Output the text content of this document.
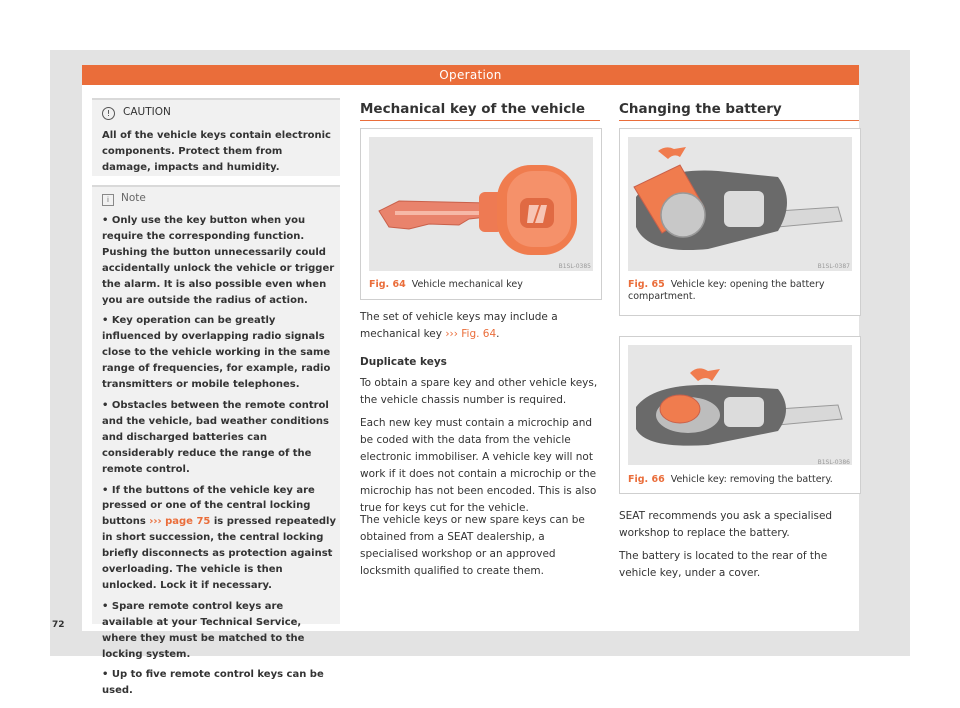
Operation
! CAUTION
All of the vehicle keys contain electronic components. Protect them from damage, impacts and humidity.
i Note
• Only use the key button when you require the corresponding function. Pushing the button unnecessarily could accidentally unlock the vehicle or trigger the alarm. It is also possible even when you are outside the radius of action.
• Key operation can be greatly influenced by overlapping radio signals close to the vehicle working in the same range of frequencies, for example, radio transmitters or mobile telephones.
• Obstacles between the remote control and the vehicle, bad weather conditions and discharged batteries can considerably reduce the range of the remote control.
• If the buttons of the vehicle key are pressed or one of the central locking buttons ››› page 75 is pressed repeatedly in short succession, the central locking briefly disconnects as protection against overloading. The vehicle is then unlocked. Lock it if necessary.
• Spare remote control keys are available at your Technical Service, where they must be matched to the locking system.
• Up to five remote control keys can be used.
72
Mechanical key of the vehicle
B1SL-0385
Fig. 64 Vehicle mechanical key
The set of vehicle keys may include a mechanical key ››› Fig. 64.
Duplicate keys
To obtain a spare key and other vehicle keys, the vehicle chassis number is required.
Each new key must contain a microchip and be coded with the data from the vehicle electronic immobiliser. A vehicle key will not work if it does not contain a microchip or the microchip has not been encoded. This is also true for keys cut for the vehicle.
The vehicle keys or new spare keys can be obtained from a SEAT dealership, a specialised workshop or an approved locksmith qualified to create them.
Changing the battery
B1SL-0387
Fig. 65 Vehicle key: opening the battery compartment.
B1SL-0386
Fig. 66 Vehicle key: removing the battery.
SEAT recommends you ask a specialised workshop to replace the battery.
The battery is located to the rear of the vehicle key, under a cover.
